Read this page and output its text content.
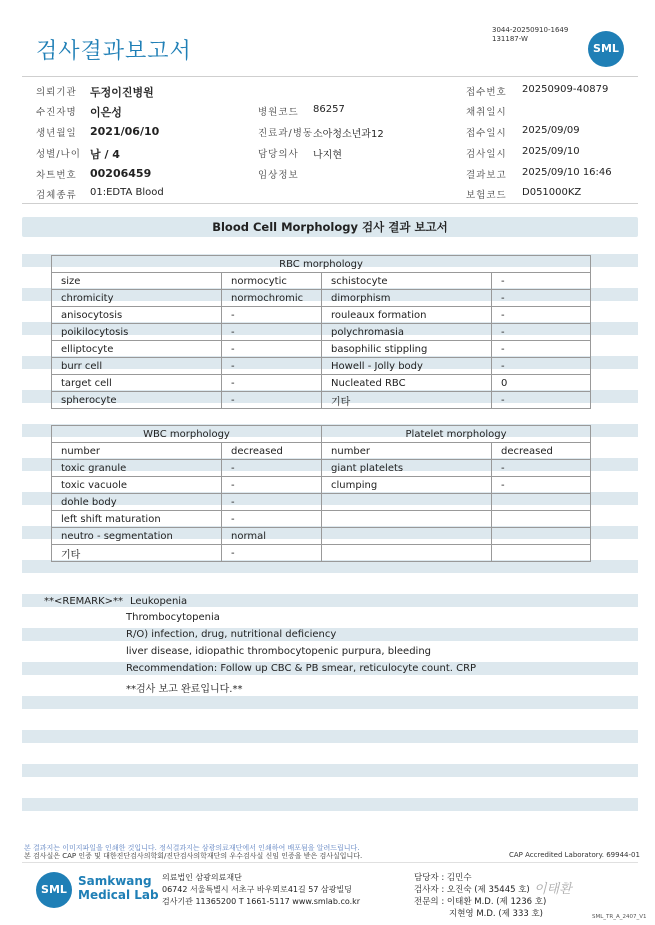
검사결과보고서
3044-20250910-1649
131187-W
SML
의뢰기관 두정이진병원	접수번호 20250909-40879
수진자명 이은성	병원코드 86257	채취일시
생년월일 2021/06/10	진료과/병동 소아청소년과12	접수일시 2025/09/09
성별/나이 남 / 4	담당의사 나지현	검사일시 2025/09/10
차트번호 00206459	임상정보	결과보고 2025/09/10 16:46
검체종류 01:EDTA Blood	보험코드 D051000KZ
Blood Cell Morphology 검사 결과 보고서
RBC morphology			
size	normocytic	schistocyte	-
chromicity	normochromic	dimorphism	-
anisocytosis	-	rouleaux formation	-
poikilocytosis	-	polychromasia	-
elliptocyte	-	basophilic stippling	-
burr cell	-	Howell - Jolly body	-
target cell	-	Nucleated RBC	0
spherocyte	-	기타	-
WBC morphology		Platelet morphology	
number	decreased	number	decreased
toxic granule	-	giant platelets	-
toxic vacuole	-	clumping	-
dohle body	-		
left shift maturation	-		
neutro - segmentation	normal		
기타	-		
**<REMARK>** Leukopenia
Thrombocytopenia
R/O) infection, drug, nutritional deficiency
liver disease, idiopathic thrombocytopenic purpura, bleeding
Recommendation: Follow up CBC & PB smear, reticulocyte count. CRP
**검사 보고 완료입니다.**
본 결과지는 이미지파일을 인쇄한 것입니다. 정식결과지는 삼광의료재단에서 인쇄하여 배포됨을 알려드립니다.
본 검사실은 CAP 인증 및 대한진단검사의학회/진단검사의학재단의 우수검사실 신임 인증을 받은 검사실입니다.	CAP Accredited Laboratory. 69944-01
SML
Samkwang
Medical Lab
의료법인 삼광의료재단
06742 서울특별시 서초구 바우뫼로41길 57 삼광빌딩
검사기관 11365200 T 1661-5117 www.smlab.co.kr
담당자 : 김민수
검사자 : 오진숙 (제 35445 호)
전문의 : 이태환 M.D. (제 1236 호)
지현영 M.D. (제 333 호)
이태환
SML_TR_A_2407_V1
